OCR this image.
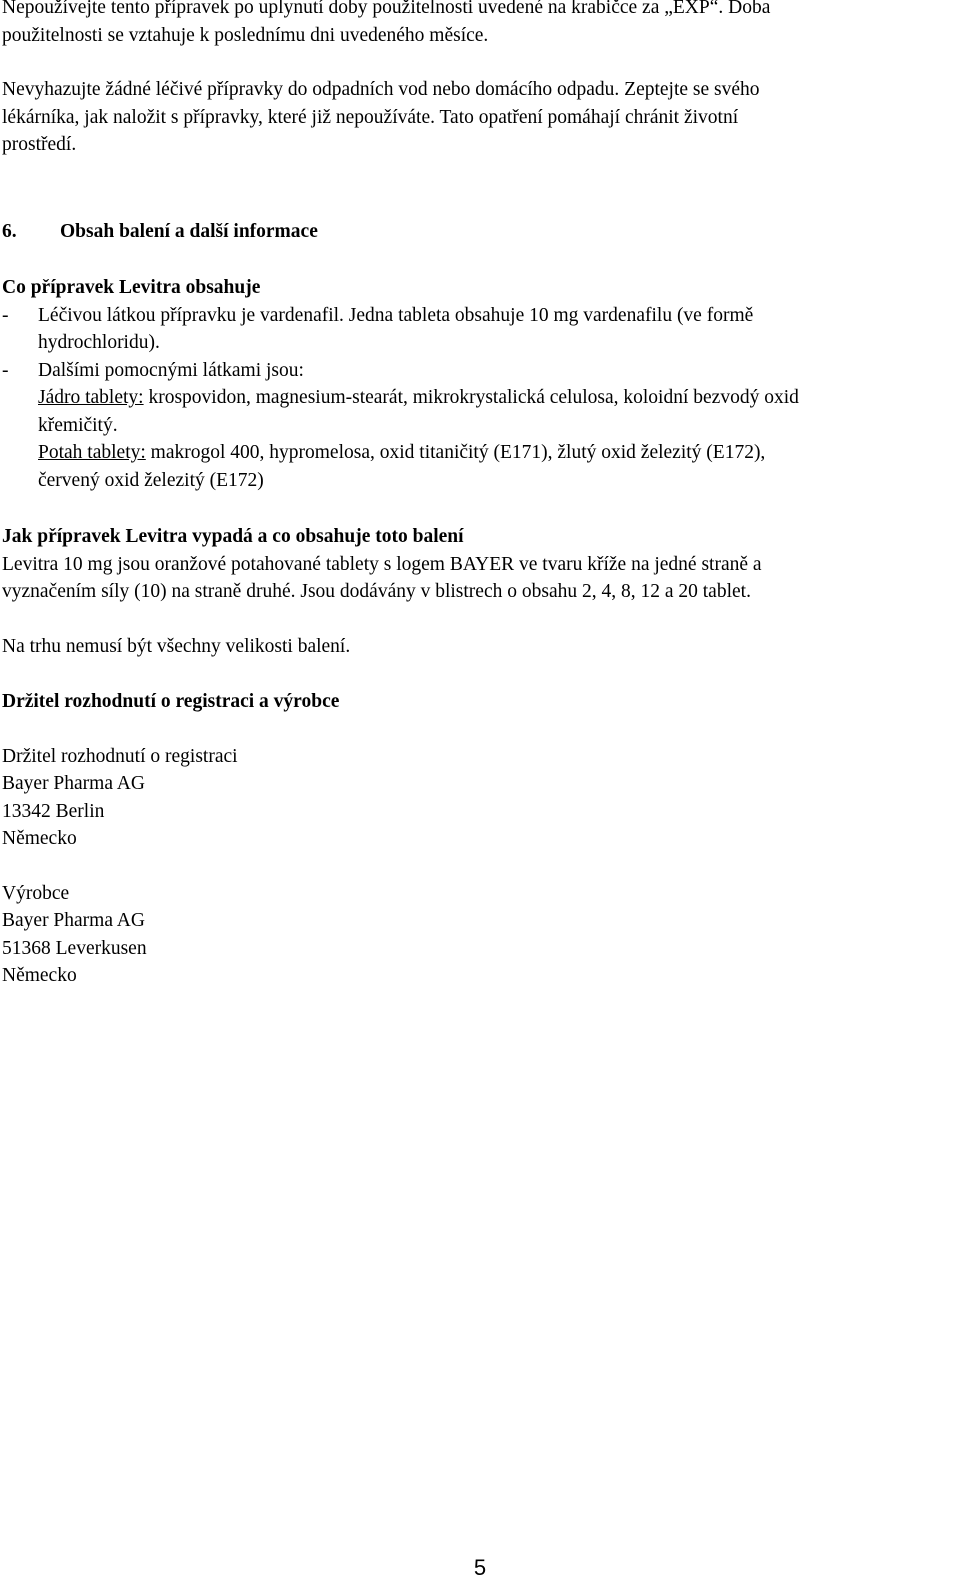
Nepoužívejte tento přípravek po uplynutí doby použitelnosti uvedené na krabičce za „EXP“. Doba
použitelnosti se vztahuje k poslednímu dni uvedeného měsíce.

Nevyhazujte žádné léčivé přípravky do odpadních vod nebo domácího odpadu. Zeptejte se svého
lékárníka, jak naložit s přípravky, které již nepoužíváte. Tato opatření pomáhají chránit životní
prostředí.

6.	Obsah balení a další informace

Co přípravek Levitra obsahuje

-	Léčivou látkou přípravku je vardenafil. Jedna tableta obsahuje 10 mg vardenafilu (ve formě
hydrochloridu).
-	Dalšími pomocnými látkami jsou:

Jádro tablety: krospovidon, magnesium-stearát, mikrokrystalická celulosa, koloidní bezvodý oxid
křemičitý.

Potah tablety: makrogol 400, hypromelosa, oxid titaničitý (E171), žlutý oxid železitý (E172),
červený oxid železitý (E172)

Jak přípravek Levitra vypadá a co obsahuje toto balení

Levitra 10 mg jsou oranžové potahované tablety s logem BAYER ve tvaru kříže na jedné straně a
vyznačením síly (10) na straně druhé. Jsou dodávány v blistrech o obsahu 2, 4, 8, 12 a 20 tablet.

Na trhu nemusí být všechny velikosti balení.

Držitel rozhodnutí o registraci a výrobce

Držitel rozhodnutí o registraci

Bayer Pharma AG

13342 Berlin

Německo

Výrobce

Bayer Pharma AG

51368 Leverkusen

Německo

5
